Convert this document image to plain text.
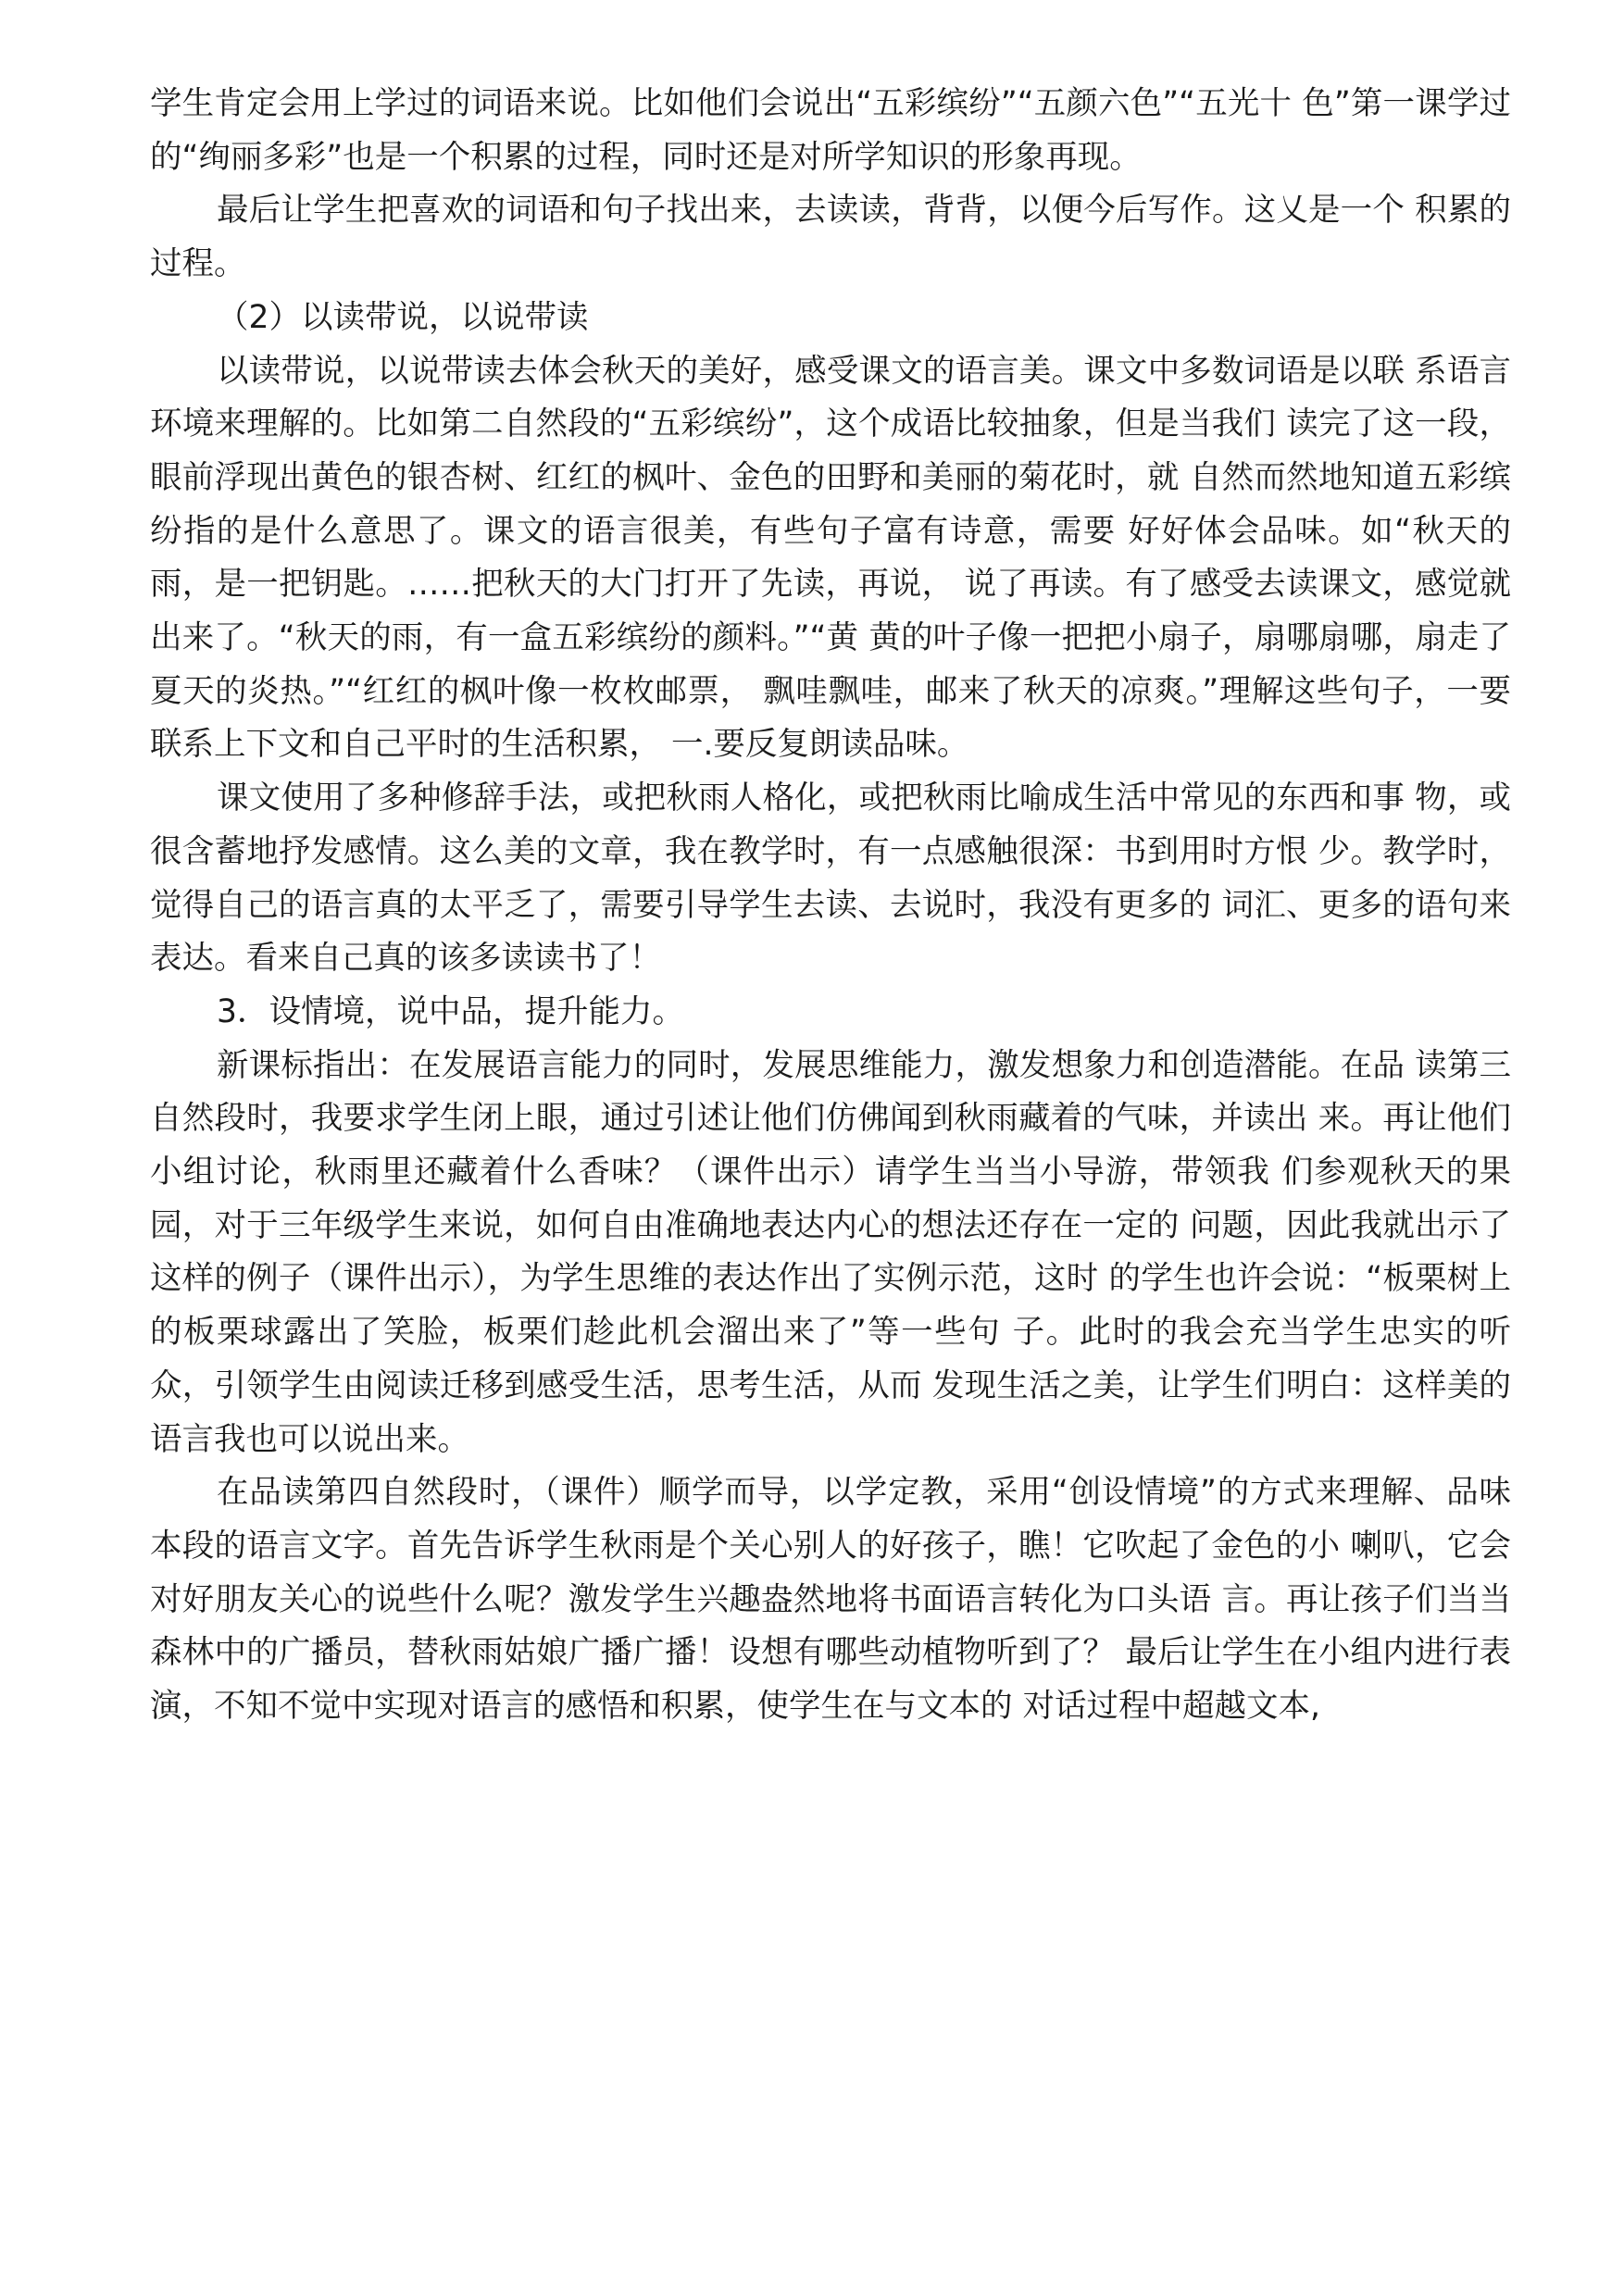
学生肯定会用上学过的词语来说。比如他们会说出“五彩缤纷”“五颜六色”“五光十 色”第一课学过的“绚丽多彩”也是一个积累的过程，同时还是对所学知识的形象再现。

最后让学生把喜欢的词语和句子找出来，去读读，背背，以便今后写作。这乂是一个 积累的过程。

（2）以读带说，以说带读

以读带说，以说带读去体会秋天的美好，感受课文的语言美。课文中多数词语是以联 系语言环境来理解的。比如第二自然段的“五彩缤纷”，这个成语比较抽象，但是当我们 读完了这一段，眼前浮现出黄色的银杏树、红红的枫叶、金色的田野和美丽的菊花时，就 自然而然地知道五彩缤纷指的是什么意思了。课文的语言很美，有些句子富有诗意，需要 好好体会品味。如“秋天的雨，是一把钥匙。……把秋天的大门打开了先读，再说， 说了再读。有了感受去读课文，感觉就出来了。“秋天的雨，有一盒五彩缤纷的颜料。”“黄 黄的叶子像一把把小扇子，扇哪扇哪，扇走了夏天的炎热。”“红红的枫叶像一枚枚邮票， 飘哇飘哇，邮来了秋天的凉爽。”理解这些句子，一要联系上下文和自己平时的生活积累， 一.要反复朗读品味。

课文使用了多种修辞手法，或把秋雨人格化，或把秋雨比喻成生活中常见的东西和事 物，或很含蓄地抒发感情。这么美的文章，我在教学时，有一点感触很深：书到用时方恨 少。教学时，觉得自己的语言真的太平乏了，需要引导学生去读、去说时，我没有更多的 词汇、更多的语句来表达。看来自己真的该多读读书了！

3．设情境，说中品，提升能力。

新课标指出：在发展语言能力的同时，发展思维能力，激发想象力和创造潜能。在品 读第三自然段时，我要求学生闭上眼，通过引述让他们仿佛闻到秋雨藏着的气味，并读出 来。再让他们小组讨论，秋雨里还藏着什么香味？（课件出示）请学生当当小导游，带领我 们参观秋天的果园，对于三年级学生来说，如何自由准确地表达内心的想法还存在一定的 问题，因此我就出示了这样的例子（课件出示），为学生思维的表达作出了实例示范，这时 的学生也许会说：“板栗树上的板栗球露出了笑脸，板栗们趁此机会溜出来了”等一些句 子。此时的我会充当学生忠实的听众，引领学生由阅读迁移到感受生活，思考生活，从而 发现生活之美，让学生们明白：这样美的语言我也可以说出来。

在品读第四自然段时，（课件）顺学而导，以学定教，采用“创设情境”的方式来理解、品味本段的语言文字。首先告诉学生秋雨是个关心别人的好孩子，瞧！它吹起了金色的小 喇叭，它会对好朋友关心的说些什么呢？激发学生兴趣盎然地将书面语言转化为口头语 言。再让孩子们当当森林中的广播员，替秋雨姑娘广播广播！设想有哪些动植物听到了？ 最后让学生在小组内进行表演，不知不觉中实现对语言的感悟和积累，使学生在与文本的 对话过程中超越文本,
